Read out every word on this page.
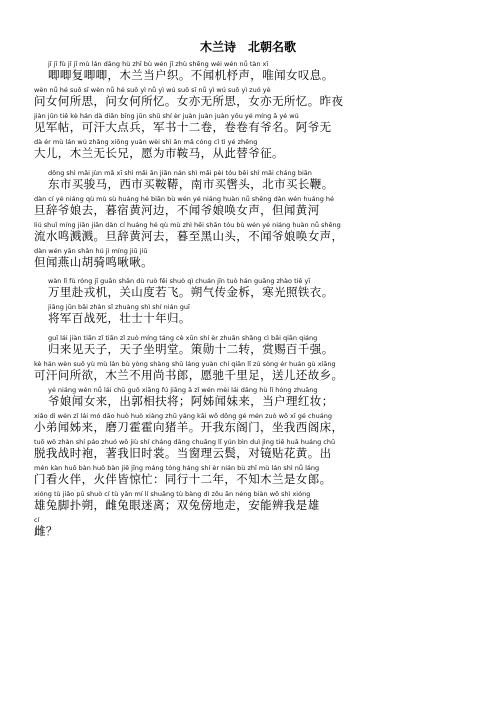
木兰诗　北朝名歌
jī jī fù jī jī mù lán dāng hù zhī bù wén jī zhù shēng wéi wén nǚ tàn xī
唧唧复唧唧，木兰当户织。不闻机杼声，唯闻女叹息。
wèn nǚ hé suǒ sī wèn nǚ hé suǒ yì nǚ yì wú suǒ sī nǚ yì wú suǒ yì zuó yè
问女何所思，问女何所忆。女亦无所思，女亦无所忆。昨夜
jiàn jūn tiě kè hán dà diǎn bīng jūn shū shí èr juàn juàn juàn yǒu yé míng ā yé wú
见军帖，可汗大点兵，军书十二卷，卷卷有爷名。阿爷无
dà ér mù lán wú zhǎng xiōng yuàn wèi shì ān mǎ cóng cǐ tì yé zhēng
大儿，木兰无长兄，愿为市鞍马，从此替爷征。
dōng shì mǎi jùn mǎ xī shì mǎi ān jiān nán shì mǎi pèi tóu běi shì mǎi cháng biān
东市买骏马，西市买鞍鞯，南市买辔头，北市买长鞭。
dàn cí yé niáng qù mù sù huáng hé biān bù wén yé niáng huàn nǚ shēng dàn wén huáng hé
旦辞爷娘去，暮宿黄河边，不闻爷娘唤女声，但闻黄河
liú shuǐ míng jiān jiān dàn cí huáng hé qù mù zhì hēi shān tóu bù wén yé niáng huàn nǚ shēng
流水鸣溅溅。旦辞黄河去，暮至黑山头，不闻爷娘唤女声，
dàn wén yān shān hú jì míng jiū jiū
但闻燕山胡骑鸣啾啾。
wàn lǐ fù róng jī guān shān dù ruò fēi shuò qì chuán jīn tuò hán guāng zhào tiě yī
万里赴戎机，关山度若飞。朔气传金柝，寒光照铁衣。
jiāng jūn bǎi zhàn sǐ zhuàng shì shí nián guī
将军百战死，壮士十年归。
guī lái jiàn tiān zǐ tiān zǐ zuò míng táng cè xūn shí èr zhuǎn shǎng cì bǎi qiān qiáng
归来见天子，天子坐明堂。策勋十二转，赏赐百千强。
kè hán wèn suǒ yù mù lán bù yòng shàng shū láng yuàn chí qiān lǐ zú sòng ér huán gù xiāng
可汗问所欲，木兰不用尚书郎，愿驰千里足，送儿还故乡。
yé niáng wén nǚ lái chū guō xiāng fú jiāng ā zǐ wén mèi lái dāng hù lǐ hóng zhuāng
爷娘闻女来，出郭相扶将；阿姊闻妹来，当户理红妆；
xiǎo dì wén zǐ lái mó dāo huò huò xiàng zhū yáng kāi wǒ dōng gé mén zuò wǒ xī gé chuáng
小弟闻姊来，磨刀霍霍向猪羊。开我东阁门，坐我西阁床，
tuō wǒ zhàn shí páo zhuó wǒ jiù shí cháng dāng chuāng lǐ yún bìn duì jìng tiē huā huáng chū
脱我战时袍，著我旧时裳。当窗理云鬓，对镜贴花黄。出
mén kàn huǒ bàn huǒ bàn jiē jīng máng tóng háng shí èr nián bù zhī mù lán shì nǚ láng
门看火伴，火伴皆惊忙：同行十二年，不知木兰是女郎。
xióng tù jiǎo pū shuò cí tù yǎn mí lí shuāng tù bàng dì zǒu ān néng biàn wǒ shì xióng
雄兔脚扑朔，雌兔眼迷离；双兔傍地走，安能辨我是雄
cí
雌？
